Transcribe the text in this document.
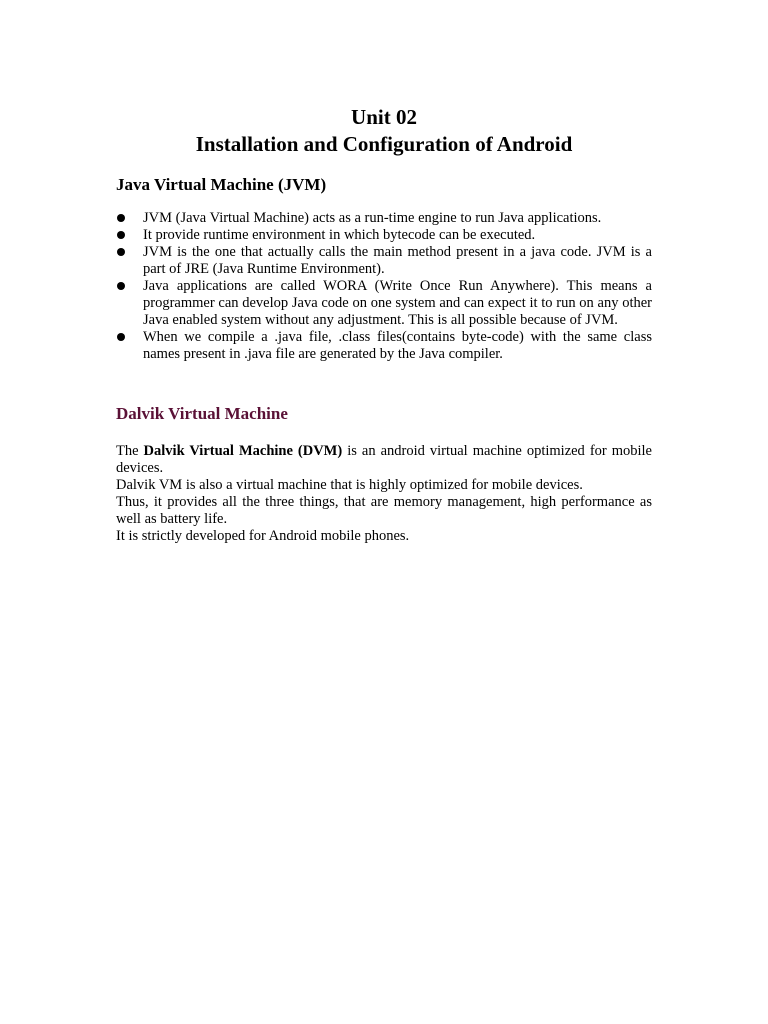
Unit 02
Installation and Configuration of Android
Java Virtual Machine (JVM)
JVM (Java Virtual Machine) acts as a run-time engine to run Java applications.
It provide runtime environment in which bytecode can be executed.
JVM is the one that actually calls the main method present in a java code. JVM is a part of JRE (Java Runtime Environment).
Java applications are called WORA (Write Once Run Anywhere). This means a programmer can develop Java code on one system and can expect it to run on any other Java enabled system without any adjustment. This is all possible because of JVM.
When we compile a .java file, .class files(contains byte-code) with the same class names present in .java file are generated by the Java compiler.
Dalvik Virtual Machine

The Dalvik Virtual Machine (DVM) is an android virtual machine optimized for mobile devices.

Dalvik VM is also a virtual machine that is highly optimized for mobile devices.

Thus, it provides all the three things, that are memory management, high performance as well as battery life.

It is strictly developed for Android mobile phones.
